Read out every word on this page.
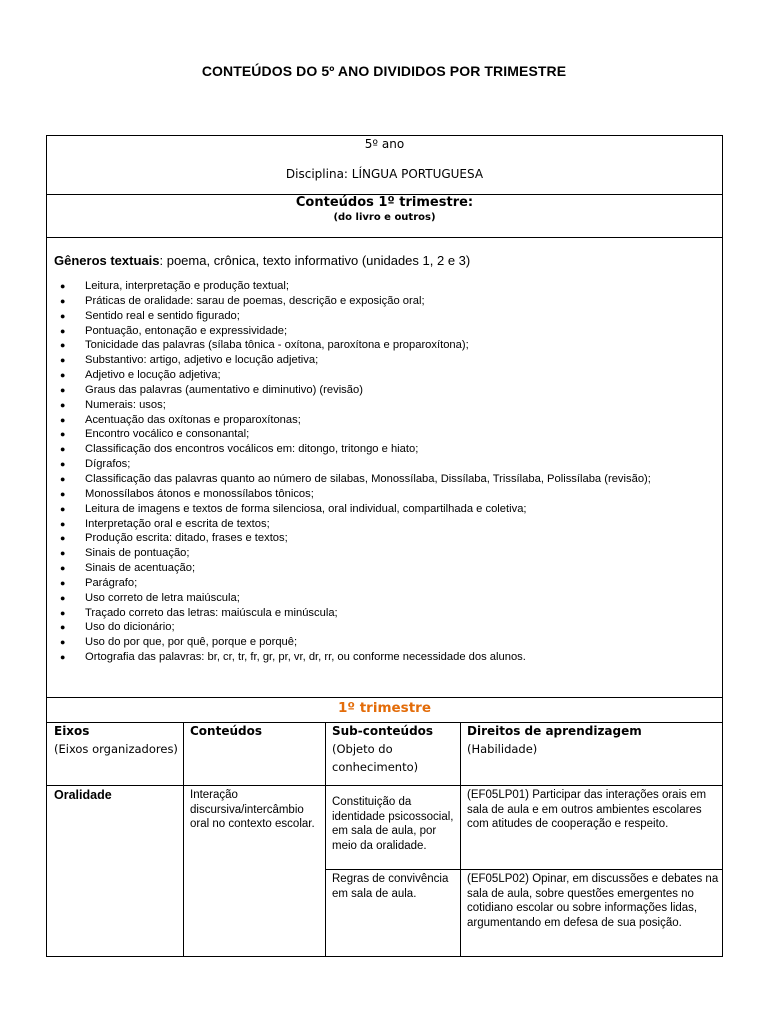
CONTEÚDOS DO 5º ANO DIVIDIDOS POR TRIMESTRE
5º ano
Disciplina: LÍNGUA PORTUGUESA
Conteúdos 1º trimestre:
(do livro e outros)
Gêneros textuais: poema, crônica, texto informativo (unidades 1, 2 e 3)
● Leitura, interpretação e produção textual;
● Práticas de oralidade: sarau de poemas, descrição e exposição oral;
● Sentido real e sentido figurado;
● Pontuação, entonação e expressividade;
● Tonicidade das palavras (sílaba tônica - oxítona, paroxítona e proparoxítona);
● Substantivo: artigo, adjetivo e locução adjetiva;
● Adjetivo e locução adjetiva;
● Graus das palavras (aumentativo e diminutivo) (revisão)
● Numerais: usos;
● Acentuação das oxítonas e proparoxítonas;
● Encontro vocálico e consonantal;
● Classificação dos encontros vocálicos em: ditongo, tritongo e hiato;
● Dígrafos;
● Classificação das palavras quanto ao número de silabas, Monossílaba, Dissílaba, Trissílaba, Polissílaba (revisão);
● Monossílabos átonos e monossílabos tônicos;
● Leitura de imagens e textos de forma silenciosa, oral individual, compartilhada e coletiva;
● Interpretação oral e escrita de textos;
● Produção escrita: ditado, frases e textos;
● Sinais de pontuação;
● Sinais de acentuação;
● Parágrafo;
● Uso correto de letra maiúscula;
● Traçado correto das letras: maiúscula e minúscula;
● Uso do dicionário;
● Uso do por que, por quê, porque e porquê;
● Ortografia das palavras: br, cr, tr, fr, gr, pr, vr, dr, rr, ou conforme necessidade dos alunos.
1º trimestre
Eixos
(Eixos organizadores)
Conteúdos	Sub-conteúdos
(Objeto do conhecimento)
Direitos de aprendizagem
(Habilidade)
Oralidade	Interação discursiva/intercâmbio oral no contexto escolar.
Constituição da identidade psicossocial, em sala de aula, por meio da oralidade.
(EF05LP01) Participar das interações orais em sala de aula e em outros ambientes escolares com atitudes de cooperação e respeito.
Regras de convivência em sala de aula.
(EF05LP02) Opinar, em discussões e debates na sala de aula, sobre questões emergentes no cotidiano escolar ou sobre informações lidas, argumentando em defesa de sua posição.
